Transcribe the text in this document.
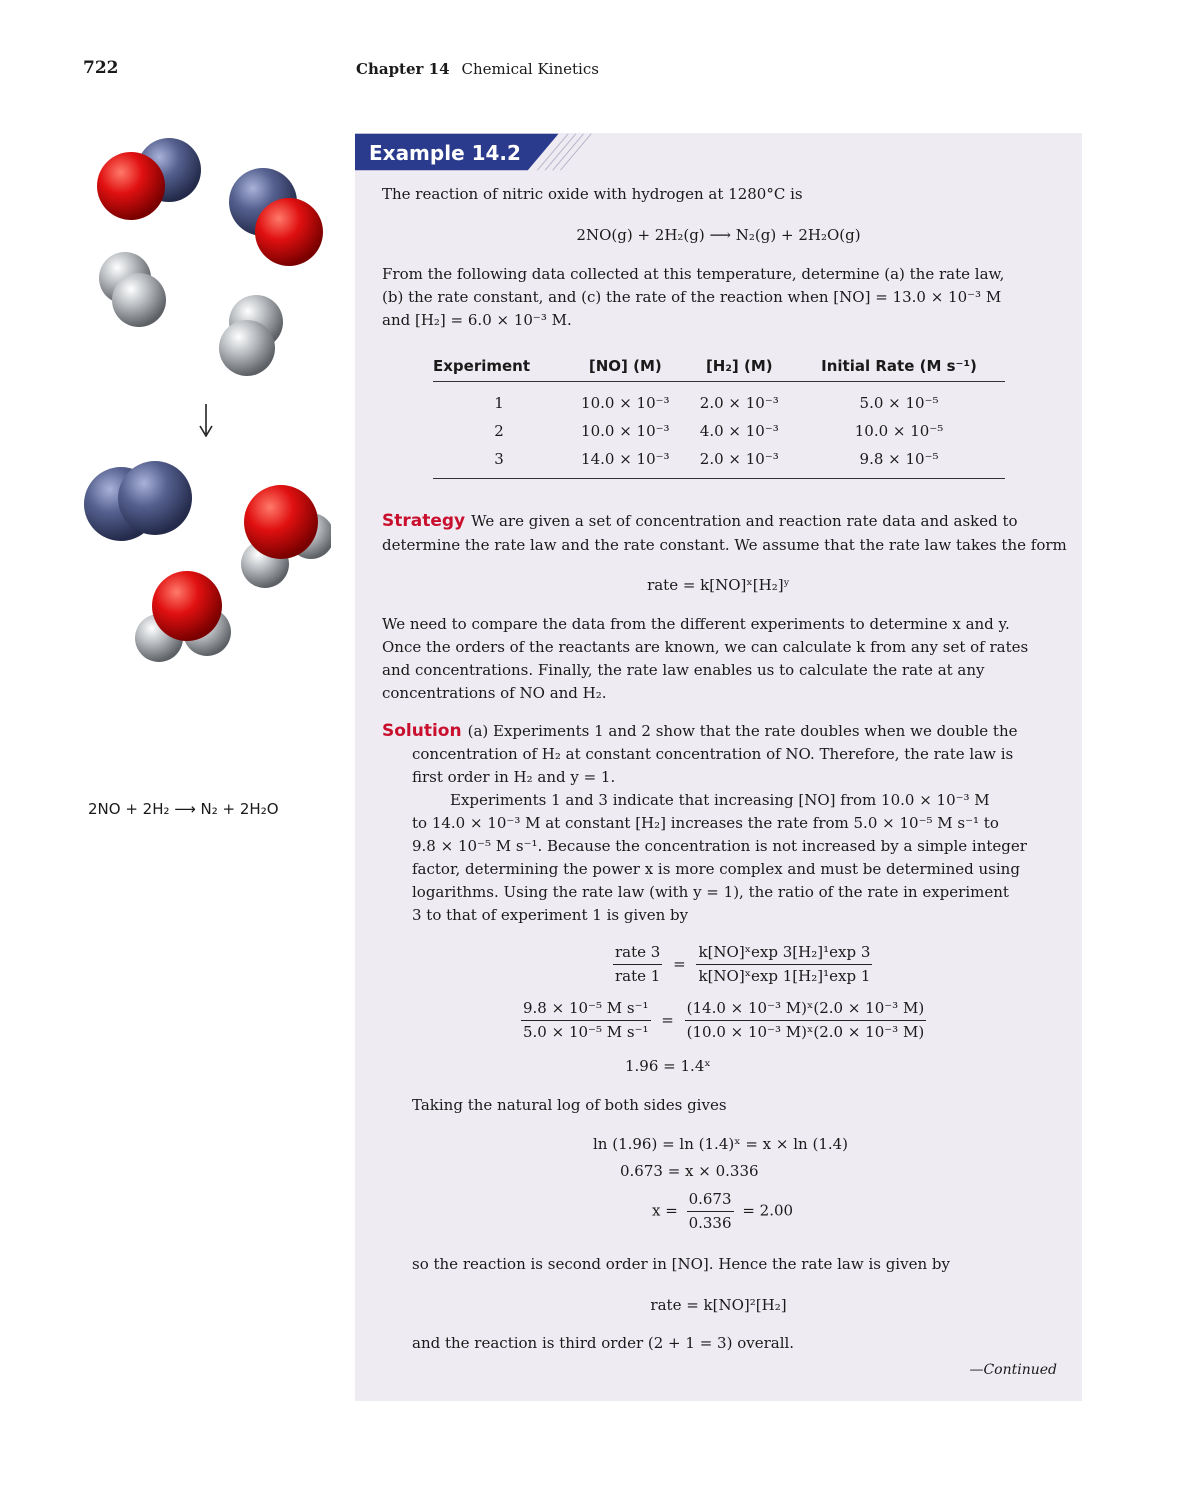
722	Chapter 14 Chemical Kinetics
2NO + 2H₂ ⟶ N₂ + 2H₂O
Example 14.2
The reaction of nitric oxide with hydrogen at 1280°C is
2NO(g) + 2H₂(g) ⟶ N₂(g) + 2H₂O(g)
From the following data collected at this temperature, determine (a) the rate law,
(b) the rate constant, and (c) the rate of the reaction when [NO] = 13.0 × 10⁻³ M
and [H₂] = 6.0 × 10⁻³ M.
Experiment	[NO] (M)	[H₂] (M)	Initial Rate (M s⁻¹)
1	10.0 × 10⁻³	2.0 × 10⁻³	5.0 × 10⁻⁵
2	10.0 × 10⁻³	4.0 × 10⁻³	10.0 × 10⁻⁵
3	14.0 × 10⁻³	2.0 × 10⁻³	9.8 × 10⁻⁵
Strategy We are given a set of concentration and reaction rate data and asked to
determine the rate law and the rate constant. We assume that the rate law takes the form
rate = k[NO]ˣ[H₂]ʸ
We need to compare the data from the different experiments to determine x and y.
Once the orders of the reactants are known, we can calculate k from any set of rates
and concentrations. Finally, the rate law enables us to calculate the rate at any
concentrations of NO and H₂.
Solution (a) Experiments 1 and 2 show that the rate doubles when we double the
concentration of H₂ at constant concentration of NO. Therefore, the rate law is
first order in H₂ and y = 1.
Experiments 1 and 3 indicate that increasing [NO] from 10.0 × 10⁻³ M
to 14.0 × 10⁻³ M at constant [H₂] increases the rate from 5.0 × 10⁻⁵ M s⁻¹ to
9.8 × 10⁻⁵ M s⁻¹. Because the concentration is not increased by a simple integer
factor, determining the power x is more complex and must be determined using
logarithms. Using the rate law (with y = 1), the ratio of the rate in experiment
3 to that of experiment 1 is given by
$\frac{\text{rate 3}}{\text{rate 1}} = \frac{\text{k[NO]ˣexp 3[H₂]¹exp 3}}{\text{k[NO]ˣexp 1[H₂]¹exp 1}}$
$\frac{\text{9.8 × 10⁻⁵ M s⁻¹}}{\text{5.0 × 10⁻⁵ M s⁻¹}} = \frac{\text{(14.0 × 10⁻³ M)ˣ(2.0 × 10⁻³ M)}}{\text{(10.0 × 10⁻³ M)ˣ(2.0 × 10⁻³ M)}}$
1.96 = 1.4ˣ
Taking the natural log of both sides gives
ln (1.96) = ln (1.4)ˣ = x × ln (1.4)
0.673 = x × 0.336
$x = \frac{0.673}{0.336} = 2.00$
so the reaction is second order in [NO]. Hence the rate law is given by
rate = k[NO]²[H₂]
and the reaction is third order (2 + 1 = 3) overall.
—Continued
